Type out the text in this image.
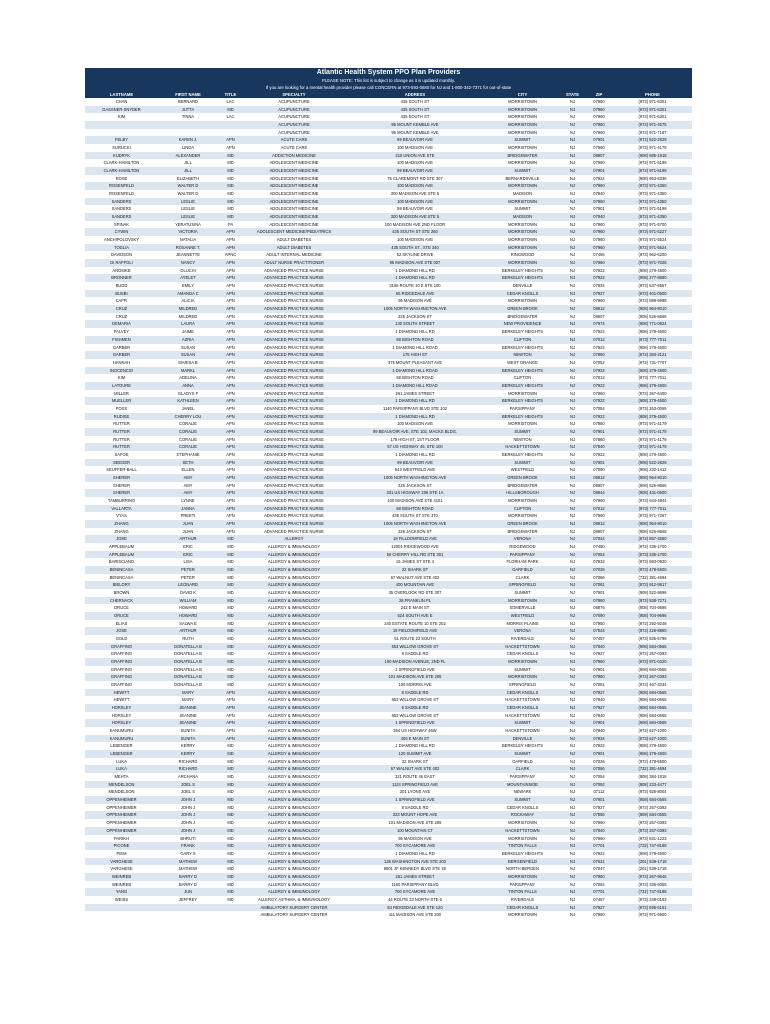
Atlantic Health System PPO Plan Providers
PLEASE NOTE: This list is subject to change as it is updated monthly.
If you are looking for a mental health provider please call CONCERN at 973-593-0680 for NJ and 1-800-342-7371 for out-of-state
LASTNAME	FIRST NAME	TITLE	SPECIALTY	ADDRESS	CITY	STATE	ZIP	PHONE
CHAN	BERNARD	LAC	ACUPUNCTURE	435 SOUTH ST	MORRISTOWN	NJ	07960	(973) 971-6301
GASSNER-SNYDER	JUTTA	MD	ACUPUNCTURE	435 SOUTH ST	MORRISTOWN	NJ	07960	(973) 971-6301
KIM	TINNA	LAC	ACUPUNCTURE	435 SOUTH ST	MORRISTOWN	NJ	07960	(973) 971-6301
			ACUPUNCTURE	95 MOUNT KEMBLE AVE	MORRISTOWN	NJ	07960	(973) 971-4575
			ACUPUNCTURE	95 MOUNT KEMBLE AVE	MORRISTOWN	NJ	07960	(973) 971-7187
FELBY	KAREN J.	APN	ACUTE CARE	99 BEAUVOIR AVE	SUMMIT	NJ	07901	(973) 522-2829
SURUCKI	LINDA	APN	ACUTE CARE	100 MADISON AVE	MORRISTOWN	NJ	07960	(973) 971-4179
KUDRYK	ALEXANDER	MD	ADDICTION MEDICINE	215 UNION AVE STE	BRIDGEWATER	NJ	08807	(908) 685-1818
CLARK-HAMILTON	JILL	MD	ADOLESCENT MEDICINE	100 MADISON AVE	MORRISTOWN	NJ	07960	(973) 971-5199
CLARK-HAMILTON	JILL	MD	ADOLESCENT MEDICINE	99 BEAUVOIR AVE	SUMMIT	NJ	07901	(973) 971-5199
ROSE	ELIZABETH	MD	ADOLESCENT MEDICINE	75 CLAREMONT RD STE 307	BERNARDSVILLE	NJ	07924	(908) 953-8336
ROSENFELD	WALTER D	MD	ADOLESCENT MEDICINE	100 MADISON AVE	MORRISTOWN	NJ	07960	(973) 971-4350
ROSENFELD	WALTER D	MD	ADOLESCENT MEDICINE	300 MADISON AVE STE 5	MADISON	NJ	07940	(973) 971-4350
SANDERS	LESLIE	MD	ADOLESCENT MEDICINE	100 MADISON AVE	MORRISTOWN	NJ	07960	(973) 971-4350
SANDERS	LESLIE	MD	ADOLESCENT MEDICINE	99 BEAUVOIR AVE	SUMMIT	NJ	07901	(973) 971-5199
SANDERS	LESLIE	MD	ADOLESCENT MEDICINE	300 MADISON AVE STE 5	MADISON	NJ	07940	(973) 971-4350
SPINAK	YERATUSINA	PA	ADOLESCENT MEDICINE	100 MADISON AVE 2ND FLOOR	MORRISTOWN	NJ	07960	(973) 971-5700
CYWIN	VICTORIA	APN	ADOLESCENT MEDICINE/PEDIATRICS	435 SOUTH ST STE 260	MORRISTOWN	NJ	07960	(973) 971-5227
ANCHIPOLOVSKY	NATALIA	APN	ADULT DIABETES	100 MADISON AVE	MORRISTOWN	NJ	07960	(973) 971-5524
TOGLIA	ROSANNE T.	APN	ADULT DIABETES	435 SOUTH ST., STE 340	MORRISTOWN	NJ	07960	(973) 971-5524
DAVIDSON	JEANNETTE	APNC	ADULT INTERNAL MEDICINE	52 SKYLINE DRIVE	RINGWOOD	NJ	07456	(973) 962-6200
DI RAFFOLI	NANCY	APN	ADULT NURSE PRACTITIONER	95 MADISON AVE STE 007	MORRISTOWN	NJ	07960	(973) 971-7028
ANOSIKE	OLUCHI	APN	ADVANCED PRACTICE NURSE	1 DIAMOND HILL RD	BERKELEY HEIGHTS	NJ	07922	(908) 279-4500
BRONNER	AYELET	APN	ADVANCED PRACTICE NURSE	1 DIAMOND HILL RD	BERKELEY HEIGHTS	NJ	07922	(908) 277-8880
BUDD	EMILY	APN	ADVANCED PRACTICE NURSE	3166 ROUTE 10 E STE 100	DENVILLE	NJ	07834	(973) 537-5557
BUSBI	AMANDA C	APN	ADVANCED PRACTICE NURSE	65 RIDGEDALE AVE	CEDAR KNOLLS	NJ	07927	(973) 401-0500
CAFFI	ALICIA	APN	ADVANCED PRACTICE NURSE	95 MADISON AVE	MORRISTOWN	NJ	07960	(973) 889-9998
CRUZ	MILDRED	APN	ADVANCED PRACTICE NURSE	1005 NORTH WASHINGTON AVE	GREEN BROOK	NJ	08812	(908) 964-8010
CRUZ	MILDRED	APN	ADVANCED PRACTICE NURSE	225 JACKSON ST	BRIDGEWATER	NJ	08807	(908) 526-8666
DEMARIA	LAURA	APN	ADVANCED PRACTICE NURSE	130 SOUTH STREET	NEW PROVIDENCE	NJ	07974	(908) 771-0824
FALVEY	JAIME	APN	ADVANCED PRACTICE NURSE	1 DIAMOND HILL RD	BERKELEY HEIGHTS	NJ	07922	(908) 279-4500
FISHMEN	AZRIA	APN	ADVANCED PRACTICE NURSE	68 BIGHTON ROAD	CLIFTON	NJ	07012	(973) 777-7011
GARBER	SUSAN	APN	ADVANCED PRACTICE NURSE	1 DIAMOND HILL ROAD	BERKELEY HEIGHTS	NJ	07922	(908) 279-4500
GARBER	SUSAN	APN	ADVANCED PRACTICE NURSE	175 HIGH ST	NEWTON	NJ	07860	(973) 383-2121
HANNAH	MARISA B	APN	ADVANCED PRACTICE NURSE	375 MOUNT PLEASANT AVE	WEST ORANGE	NJ	07052	(973) 731-7707
INOCENCIO	MARKL	APN	ADVANCED PRACTICE NURSE	1 DIAMOND HILL ROAD	BERKELEY HEIGHTS	NJ	07922	(908) 279-4500
KIM	ADELINA	APN	ADVANCED PRACTICE NURSE	68 BIGHTON ROAD	CLIFTON	NJ	07012	(973) 777-7011
LATOURE	ANNA	APN	ADVANCED PRACTICE NURSE	1 DIAMOND HILL ROAD	BERKELEY HEIGHTS	NJ	07922	(908) 279-4500
MILLER	GLADYS F	APN	ADVANCED PRACTICE NURSE	261 JAMES STREET	MORRISTOWN	NJ	07960	(973) 267-6400
MUELLER	KATHLEEN	APN	ADVANCED PRACTICE NURSE	1 DIAMOND HILL RD	BERKELEY HEIGHTS	NJ	07922	(908) 279-4500
POSS	JANEL	APN	ADVANCED PRACTICE NURSE	1140 PARSIPPANY BLVD STE 102	PARSIPPANY	NJ	07054	(973) 263-0065
RUDISE	CHERRY LOU	APN	ADVANCED PRACTICE NURSE	1 DIAMOND HILL RD	BERKELEY HEIGHTS	NJ	07922	(908) 279-4500
RUTTER	CORALIE	APN	ADVANCED PRACTICE NURSE	100 MADISON AVE	MORRISTOWN	NJ	07960	(973) 971-4179
RUTTER	CORALIE	APN	ADVANCED PRACTICE NURSE	99 BEAUVOIR AVE, STE 102, MACKS BLDG.	SUMMIT	NJ	07901	(973) 971-4179
RUTTER	CORALIE	APN	ADVANCED PRACTICE NURSE	175 HIGH ST, 1ST FLOOR	NEWTON	NJ	07860	(973) 971-4179
RUTTER	CORALIE	APN	ADVANCED PRACTICE NURSE	57 US HIGHWAY 46, STE 100	HACKETTSTOWN	NJ	07840	(973) 971-4179
SAFOE	STEPHANIE	APN	ADVANCED PRACTICE NURSE	1 DIAMOND HILL RD	BERKELEY HEIGHTS	NJ	07922	(908) 279-4500
SEEGER	SETH	APN	ADVANCED PRACTICE NURSE	99 BEAUVOIR AVE	SUMMIT	NJ	07901	(908) 522-2829
SEUFFER-BALL	ELLEN	APN	ADVANCED PRACTICE NURSE	543 WESTFIELD AVE	WESTFIELD	NJ	07090	(908) 232-1412
SHERER	AMY	APN	ADVANCED PRACTICE NURSE	1005 NORTH WASHINGTON AVE	GREEN BROOK	NJ	08812	(908) 964-8010
SHERER	AMY	APN	ADVANCED PRACTICE NURSE	225 JACKSON ST	BRIDGEWATER	NJ	08807	(908) 526-8666
SHERER	AMY	APN	ADVANCED PRACTICE NURSE	331 US HIGHWAY 206 STE 1A	HILLSBOROUGH	NJ	08844	(908) 431-0600
TAMBURRINO	LYNNE	APN	ADVANCED PRACTICE NURSE	100 MADISON AVE STE 4101	MORRISTOWN	NJ	07960	(973) 644-4844
VALLARTA	JANNA	APN	ADVANCED PRACTICE NURSE	68 BIGHTON ROAD	CLIFTON	NJ	07012	(973) 777-7011
VYAS	PREETI	APN	ADVANCED PRACTICE NURSE	435 SOUTH ST STE 370	MORRISTOWN	NJ	07960	(973) 971-7267
ZHANG	JUAN	APN	ADVANCED PRACTICE NURSE	1005 NORTH WASHINGTON AVE	GREEN BROOK	NJ	08812	(908) 964-8010
ZHANG	JUAN	APN	ADVANCED PRACTICE NURSE	225 JACKSON ST	BRIDGEWATER	NJ	08807	(908) 526-8668
JOSE	ARTHUR	MD	ALLERGY	19 FILLDOMFIELD AVE	VERONA	NJ	07044	(973) 857-3550
APPLEBAUM	ERIC	MD	ALLERGY & IMMUNOLOGY	12001 RIDGEWOOD AVE	RIDGEWOOD	NJ	07450	(973) 335-1700
APPLEBAUM	ERIC	MD	ALLERGY & IMMUNOLOGY	50 CHERRY HILL RD STE 301	PARSIPPANY	NJ	07054	(973) 335-1700
BARISCIANO	LISA	MD	ALLERGY & IMMUNOLOGY	15 JAMES ST STE 4	FLORHAM PARK	NJ	07932	(973) 593-0920
BENINCASA	PETER	MD	ALLERGY & IMMUNOLOGY	22 SHARK ST	GARFIELD	NJ	07026	(973) 478-5500
BENINCASA	PETER	MD	ALLERGY & IMMUNOLOGY	67 WALNUT AVE STE 402	CLARK	NJ	07066	(732) 381-4694
BIELORY	LEONARD	MD	ALLERGY & IMMUNOLOGY	400 MOUNTAIN AVE	SPRINGFIELD	NJ	07081	(973) 912-9817
BROWN	DAVID K	MD	ALLERGY & IMMUNOLOGY	35 OVERLOOK RD STE 307	SUMMIT	NJ	07901	(908) 522-9696
CHERNACK	WILLIAM	MD	ALLERGY & IMMUNOLOGY	28 FRANKLIN PL	MORRISTOWN	NJ	07960	(973) 538-7271
DRUCE	HOWARD	MD	ALLERGY & IMMUNOLOGY	242 E MAIN ST	SOMERVILLE	NJ	08876	(908) 704-9696
DRUCE	HOWARD	MD	ALLERGY & IMMUNOLOGY	524 SOUTH AVE E	WESTFIELD	NJ	07090	(908) 704-9696
ELIAS	SALWA E	MD	ALLERGY & IMMUNOLOGY	240 ESTATE ROUTE 10 STE 202	MORRIS PLAINS	NJ	07950	(973) 292-9248
JOSE	ARTHUR	MD	ALLERGY & IMMUNOLOGY	19 FIELDOMFIELD AVE	VERONA	NJ	07044	(973) 228-8860
GOLD	RUTH	MD	ALLERGY & IMMUNOLOGY	51 ROUTE 23 SOUTH	RIVERDALE	NJ	07457	(973) 835-5799
GRAFFINO	DONATELLA B	MD	ALLERGY & IMMUNOLOGY	653 WILLOW GROVE ST	HACKETTSTOWN	NJ	07840	(908) 684-0565
GRAFFINO	DONATELLA B	MD	ALLERGY & IMMUNOLOGY	8 SADDLE RD	CEDAR KNOLLS	NJ	07927	(973) 267-0393
GRAFFINO	DONATELLA B	MD	ALLERGY & IMMUNOLOGY	100 MADISON AVENUE, 2ND FL	MORRISTOWN	NJ	07960	(973) 971-0320
GRAFFINO	DONATELLA B	MD	ALLERGY & IMMUNOLOGY	1 SPRINGFIELD AVE	SUMMIT	NJ	07901	(908) 684-0565
GRAFFINO	DONATELLA B	MD	ALLERGY & IMMUNOLOGY	101 MADISON AVE STE 205	MORRISTOWN	NJ	07960	(973) 267-0393
GRAFFINO	DONATELLA B	MD	ALLERGY & IMMUNOLOGY	100 MORRIS AVE	SPRINGFIELD	NJ	07081	(973) 467-3334
HEWITT	MARY	APN	ALLERGY & IMMUNOLOGY	8 SADDLE RD	CEDAR KNOLLS	NJ	07927	(908) 684-0565
HEWITT	MARY	APN	ALLERGY & IMMUNOLOGY	653 WILLOW GROVE ST	HACKETTSTOWN	NJ	07840	(908) 684-0565
HORSLEY	JEANINE	APN	ALLERGY & IMMUNOLOGY	6 SADDLE RD	CEDAR KNOLLS	NJ	07927	(908) 684-0565
HORSLEY	JEANINE	APN	ALLERGY & IMMUNOLOGY	653 WILLOW GROVE ST	HACKETTSTOWN	NJ	07840	(908) 684-0565
HORSLEY	JEANINE	APN	ALLERGY & IMMUNOLOGY	1 SPRINGFIELD AVE	SUMMIT	NJ	07901	(908) 684-0565
KANUMURU	SUNITA	APN	ALLERGY & IMMUNOLOGY	354 US HIGHWAY 46W	HACKETTSTOWN	NJ	07840	(973) 627-1000
KANUMURU	SUNITA	APN	ALLERGY & IMMUNOLOGY	406 E MAIN ST	DENVILLE	NJ	07834	(973) 627-1000
LEBENGER	KERRY	MD	ALLERGY & IMMUNOLOGY	1 DIAMOND HILL RD	BERKELEY HEIGHTS	NJ	07922	(908) 279-4500
LEBENGER	KERRY	MD	ALLERGY & IMMUNOLOGY	120 SUMMIT AVE	SUMMIT	NJ	07901	(908) 279-4500
LUKA	RICHARD	MD	ALLERGY & IMMUNOLOGY	22 SHARK ST	GARFIELD	NJ	07026	(973) 478-5500
LUKA	RICHARD	MD	ALLERGY & IMMUNOLOGY	67 WALNUT AVE STE 402	CLARK	NJ	07066	(732) 381-4694
MEHTA	ARCHANA	MD	ALLERGY & IMMUNOLOGY	321 ROUTE 46 EAST	PARSIPPANY	NJ	07054	(908) 384-1818
MENDELSON	JOEL S	MD	ALLERGY & IMMUNOLOGY	1124 SPRINGFIELD AVE	MOUNTAINSIDE	NJ	07092	(908) 233-4477
MENDELSON	JOEL S	MD	ALLERGY & IMMUNOLOGY	201 LYONS AVE	NEWARK	NJ	07112	(973) 926-8004
OPPENHEIMER	JOHN J	MD	ALLERGY & IMMUNOLOGY	1 SPRINGFIELD AVE	SUMMIT	NJ	07901	(908) 684-0565
OPPENHEIMER	JOHN J	MD	ALLERGY & IMMUNOLOGY	8 SADDLE RD	CEDAR KNOLLS	NJ	07927	(973) 267-0393
OPPENHEIMER	JOHN J	MD	ALLERGY & IMMUNOLOGY	333 MOUNT HOPE AVE	ROCKAWAY	NJ	07866	(908) 684-0565
OPPENHEIMER	JOHN J	MD	ALLERGY & IMMUNOLOGY	101 MADISON AVE STE 205	MORRISTOWN	NJ	07960	(973) 267-0393
OPPENHEIMER	JOHN J	MD	ALLERGY & IMMUNOLOGY	100 MOUNTAIN CT	HACKETTSTOWN	NJ	07840	(973) 267-0393
PARIKH	BHRUTI	MD	ALLERGY & IMMUNOLOGY	95 MADISON AVE	MORRISTOWN	NJ	07960	(973) 831-1223
PICONE	FRANK	MD	ALLERGY & IMMUNOLOGY	700 SYCAMORE AVE	TINTON FALLS	NJ	07701	(732) 747-8188
PIEM	GARY S	MD	ALLERGY & IMMUNOLOGY	1 DIAMOND HILL RD	BERKELEY HEIGHTS	NJ	07922	(908) 279-4500
VARGHESE	MATHEW	MD	ALLERGY & IMMUNOLOGY	136 WASHINGTON AVE STE 203	BERGENFIELD	NJ	07621	(201) 539-1718
VARGHESE	MATHEW	MD	ALLERGY & IMMUNOLOGY	9801 JF KENNEDY BLVD STE 1E	NORTH BERGEN	NJ	07047	(201) 539-1718
WEINREB	BARRY D	MD	ALLERGY & IMMUNOLOGY	261 JAMES STREET	MORRISTOWN	NJ	07960	(973) 267-9646
WEINREB	BARRY D	MD	ALLERGY & IMMUNOLOGY	1160 PARSIPPANY BLVD	PARSIPPANY	NJ	07054	(973) 335-5055
YANG	JUN	MD	ALLERGY & IMMUNOLOGY	700 SYCAMORE AVE	TINTON FALLS	NJ	07701	(732) 747-8188
WEISS	JEFFREY	MD	ALLERGY, ASTHMA, & IMMUNOLOGY	44 ROUTE 23 NORTH STE 6	RIVERDALE	NJ	07457	(973) 248-0193
			AMBULATORY SURGERY CENTER	54 RIDGEDALE AVE STE 120	CEDAR KNOLLS	NJ	07927	(973) 695-5151
			AMBULATORY SURGERY CENTER	111 MADISON AVE STE 200	MORRISTOWN	NJ	07960	(973) 971-6900
